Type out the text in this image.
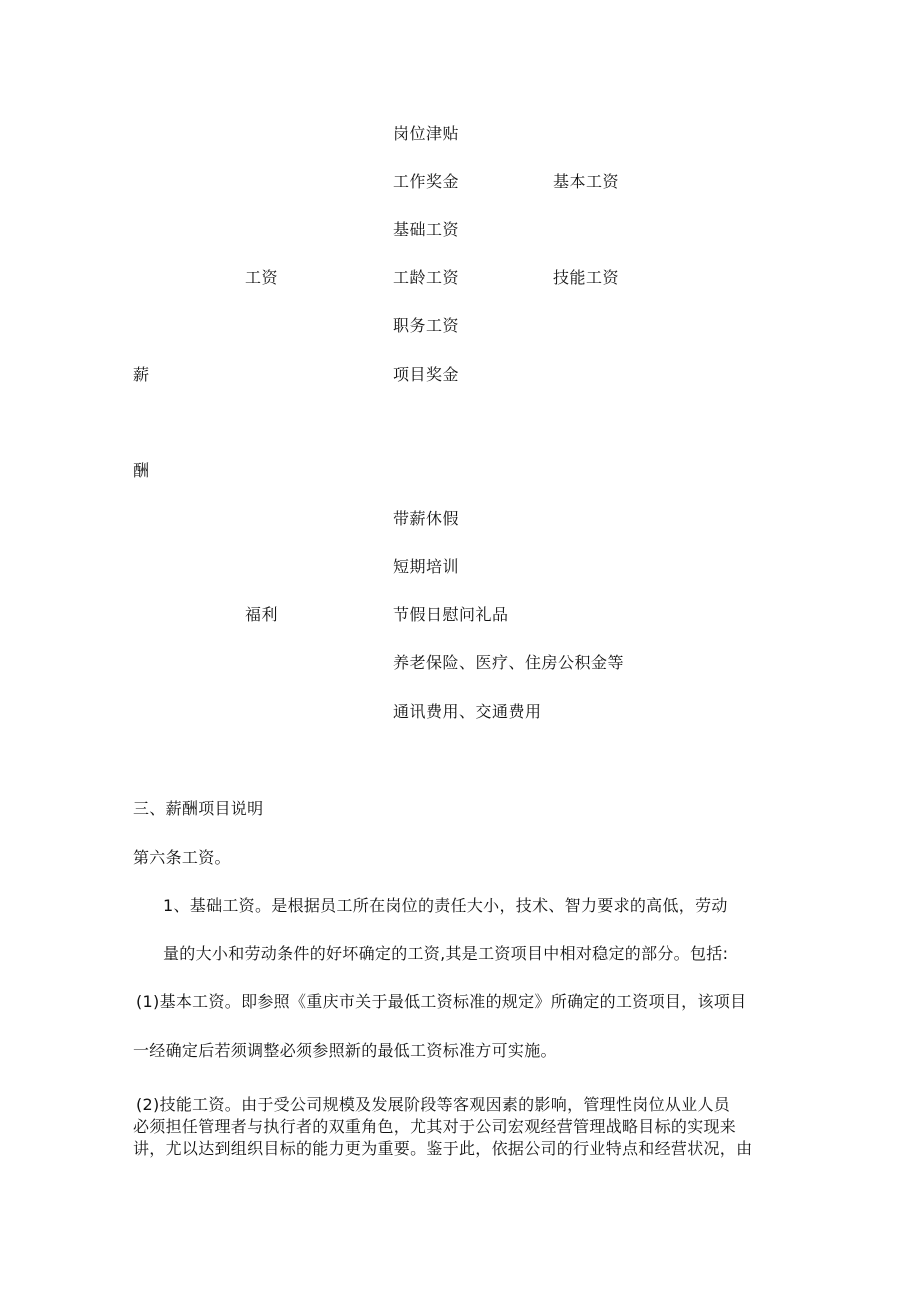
薪
酬
工资
岗位津贴
工作奖金
基础工资
工龄工资
职务工资
项目奖金
基本工资
技能工资
福利
带薪休假
短期培训
节假日慰问礼品
养老保险、医疗、住房公积金等
通讯费用、交通费用
三、薪酬项目说明
第六条工资。
1、基础工资。是根据员工所在岗位的责任大小，技术、智力要求的高低，劳动
量的大小和劳动条件的好坏确定的工资,其是工资项目中相对稳定的部分。包括:
(1)基本工资。即参照《重庆市关于最低工资标准的规定》所确定的工资项目，该项目
一经确定后若须调整必须参照新的最低工资标准方可实施。
(2)技能工资。由于受公司规模及发展阶段等客观因素的影响，管理性岗位从业人员
必须担任管理者与执行者的双重角色，尤其对于公司宏观经营管理战略目标的实现来
讲，尤以达到组织目标的能力更为重要。鉴于此，依据公司的行业特点和经营状况，由
